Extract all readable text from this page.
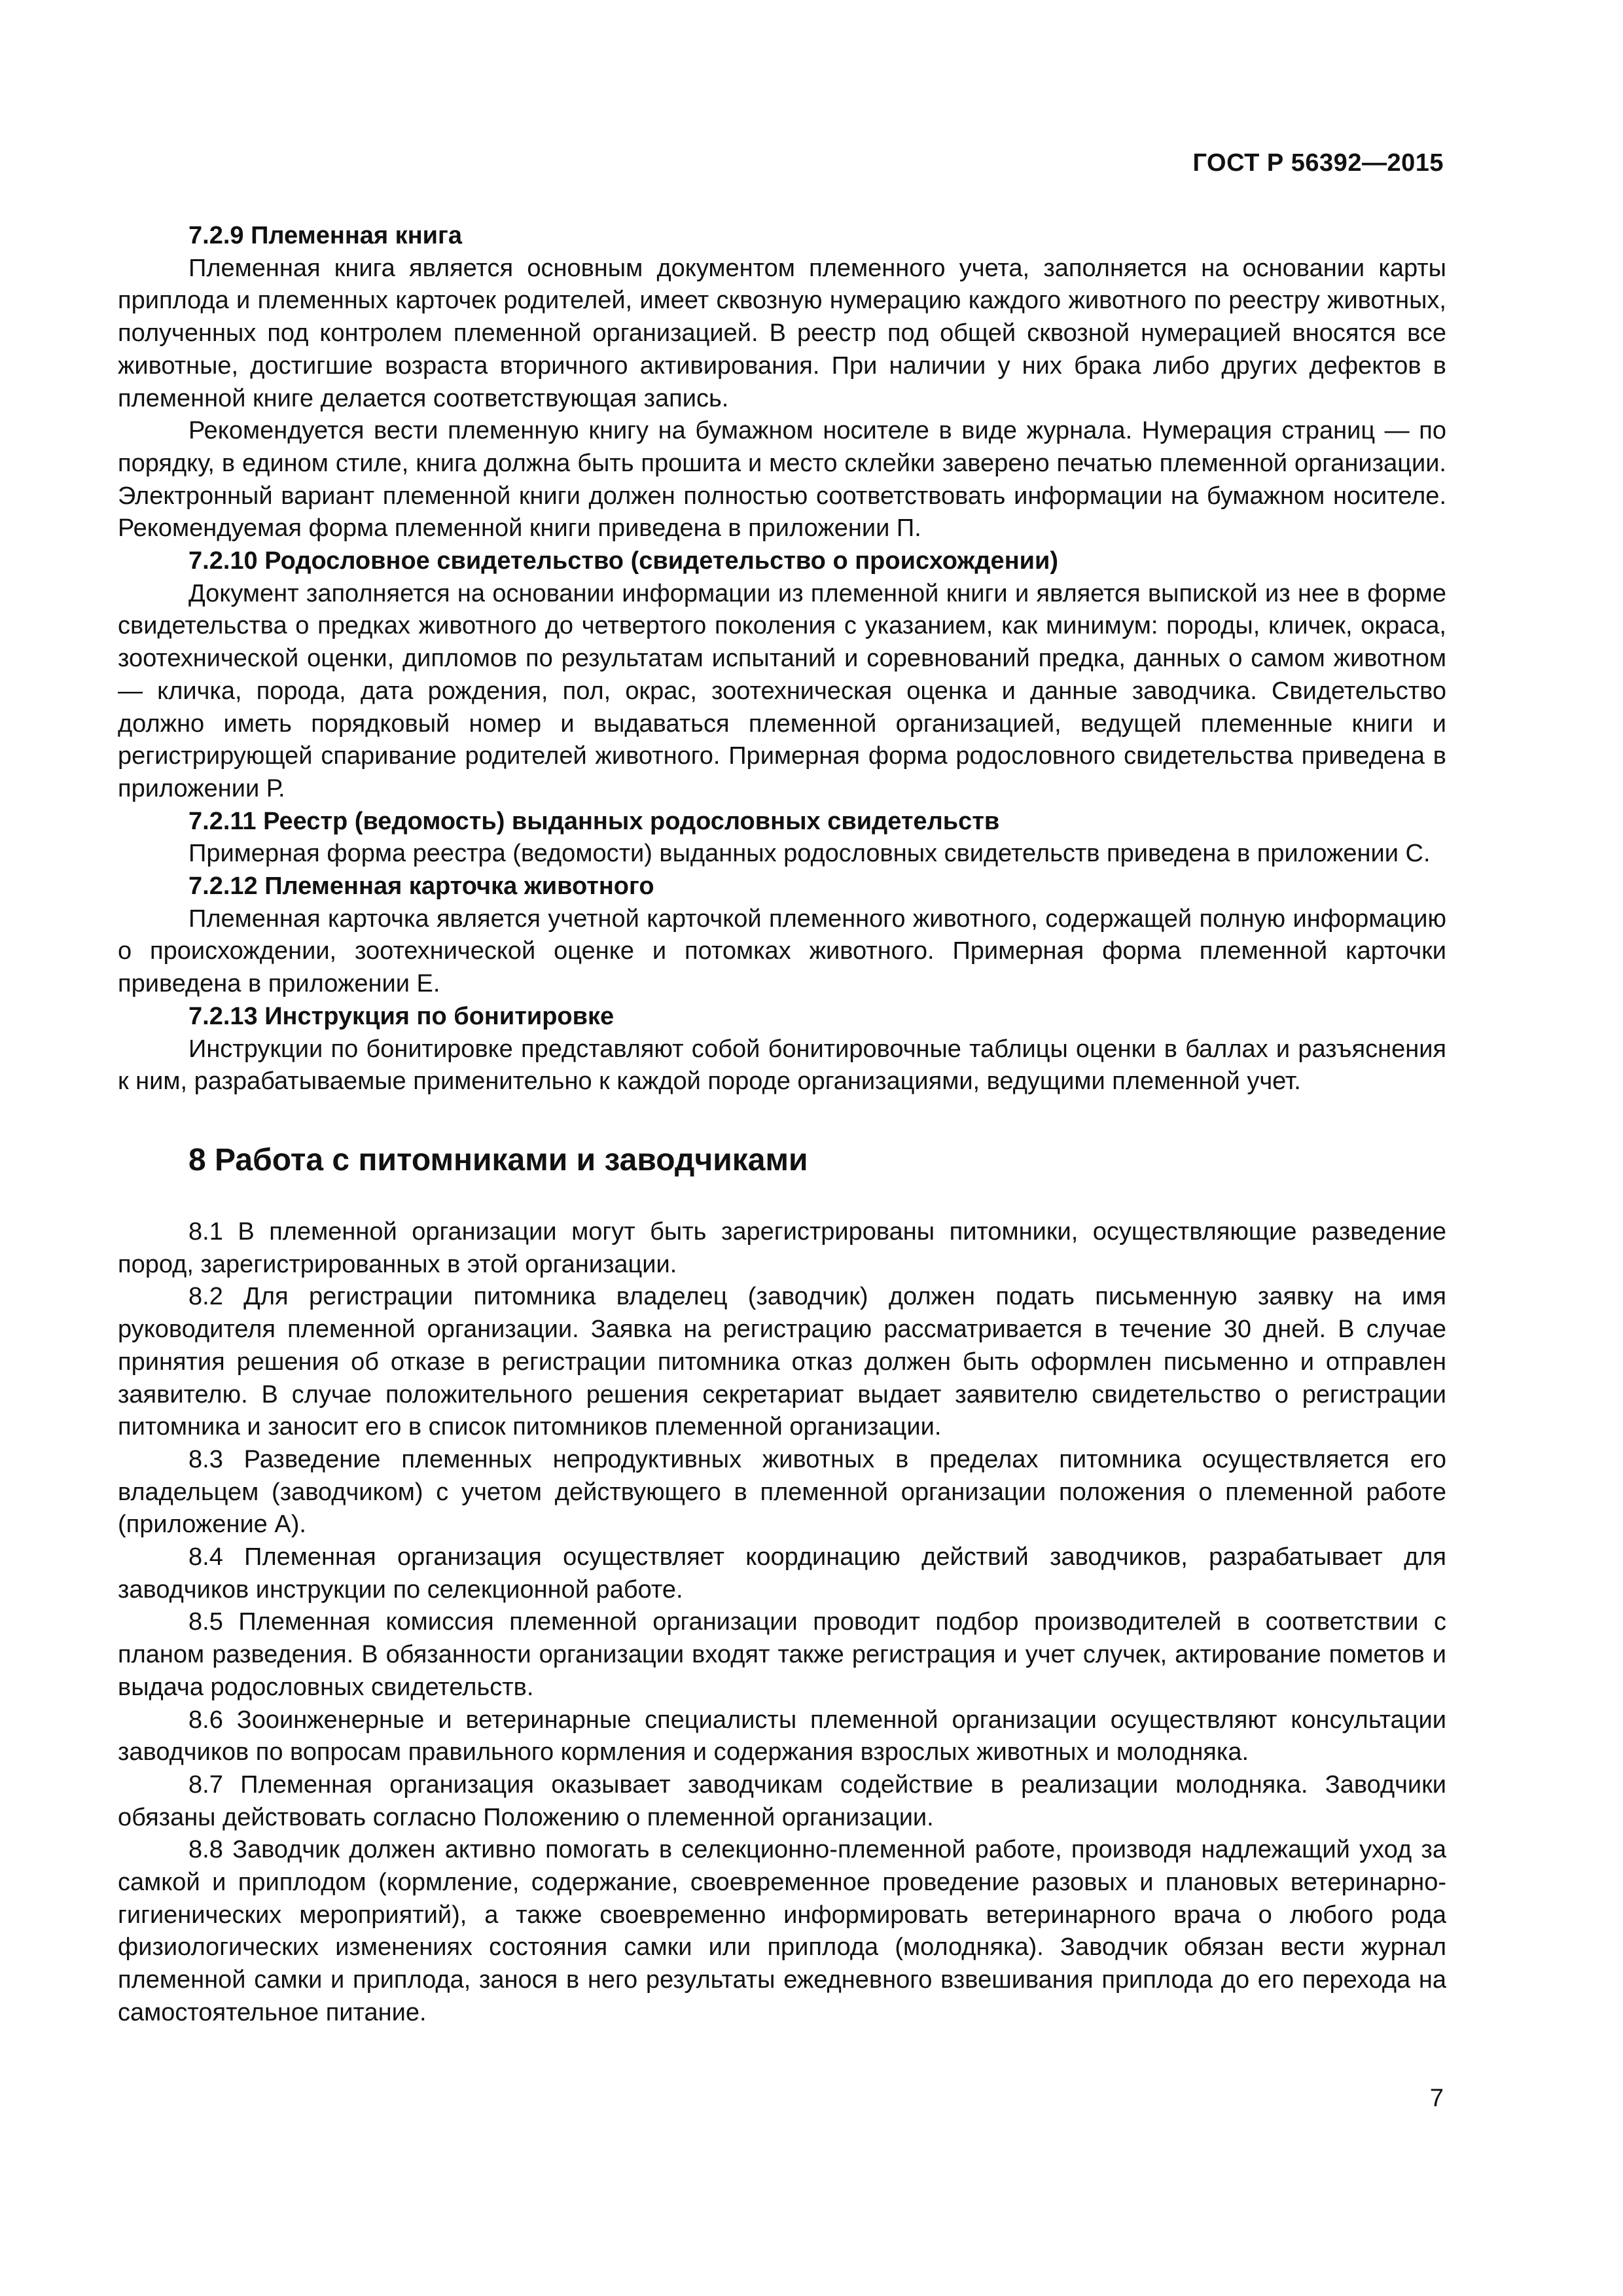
ГОСТ Р 56392—2015

7.2.9 Племенная книга

Племенная книга является основным документом племенного учета, заполняется на основании карты приплода и племенных карточек родителей, имеет сквозную нумерацию каждого животного по реестру животных, полученных под контролем племенной организацией. В реестр под общей сквозной нумерацией вносятся все животные, достигшие возраста вторичного активирования. При наличии у них брака либо других дефектов в племенной книге делается соответствующая запись.

Рекомендуется вести племенную книгу на бумажном носителе в виде журнала. Нумерация страниц — по порядку, в едином стиле, книга должна быть прошита и место склейки заверено печатью племенной организации. Электронный вариант племенной книги должен полностью соответствовать информации на бумажном носителе. Рекомендуемая форма племенной книги приведена в приложении П.

7.2.10 Родословное свидетельство (свидетельство о происхождении)

Документ заполняется на основании информации из племенной книги и является выпиской из нее в форме свидетельства о предках животного до четвертого поколения с указанием, как минимум: породы, кличек, окраса, зоотехнической оценки, дипломов по результатам испытаний и соревнований предка, данных о самом животном — кличка, порода, дата рождения, пол, окрас, зоотехническая оценка и данные заводчика. Свидетельство должно иметь порядковый номер и выдаваться племенной организацией, ведущей племенные книги и регистрирующей спаривание родителей животного. Примерная форма родословного свидетельства приведена в приложении Р.

7.2.11 Реестр (ведомость) выданных родословных свидетельств

Примерная форма реестра (ведомости) выданных родословных свидетельств приведена в приложении С.

7.2.12 Племенная карточка животного

Племенная карточка является учетной карточкой племенного животного, содержащей полную информацию о происхождении, зоотехнической оценке и потомках животного. Примерная форма племенной карточки приведена в приложении Е.

7.2.13 Инструкция по бонитировке

Инструкции по бонитировке представляют собой бонитировочные таблицы оценки в баллах и разъяснения к ним, разрабатываемые применительно к каждой породе организациями, ведущими племенной учет.

8 Работа с питомниками и заводчиками

8.1 В племенной организации могут быть зарегистрированы питомники, осуществляющие разведение пород, зарегистрированных в этой организации.

8.2 Для регистрации питомника владелец (заводчик) должен подать письменную заявку на имя руководителя племенной организации. Заявка на регистрацию рассматривается в течение 30 дней. В случае принятия решения об отказе в регистрации питомника отказ должен быть оформлен письменно и отправлен заявителю. В случае положительного решения секретариат выдает заявителю свидетельство о регистрации питомника и заносит его в список питомников племенной организации.

8.3 Разведение племенных непродуктивных животных в пределах питомника осуществляется его владельцем (заводчиком) с учетом действующего в племенной организации положения о племенной работе (приложение А).

8.4 Племенная организация осуществляет координацию действий заводчиков, разрабатывает для заводчиков инструкции по селекционной работе.

8.5 Племенная комиссия племенной организации проводит подбор производителей в соответствии с планом разведения. В обязанности организации входят также регистрация и учет случек, актирование пометов и выдача родословных свидетельств.

8.6 Зооинженерные и ветеринарные специалисты племенной организации осуществляют консультации заводчиков по вопросам правильного кормления и содержания взрослых животных и молодняка.

8.7 Племенная организация оказывает заводчикам содействие в реализации молодняка. Заводчики обязаны действовать согласно Положению о племенной организации.

8.8 Заводчик должен активно помогать в селекционно-племенной работе, производя надлежащий уход за самкой и приплодом (кормление, содержание, своевременное проведение разовых и плановых ветеринарно-гигиенических мероприятий), а также своевременно информировать ветеринарного врача о любого рода физиологических изменениях состояния самки или приплода (молодняка). Заводчик обязан вести журнал племенной самки и приплода, занося в него результаты ежедневного взвешивания приплода до его перехода на самостоятельное питание.

7
